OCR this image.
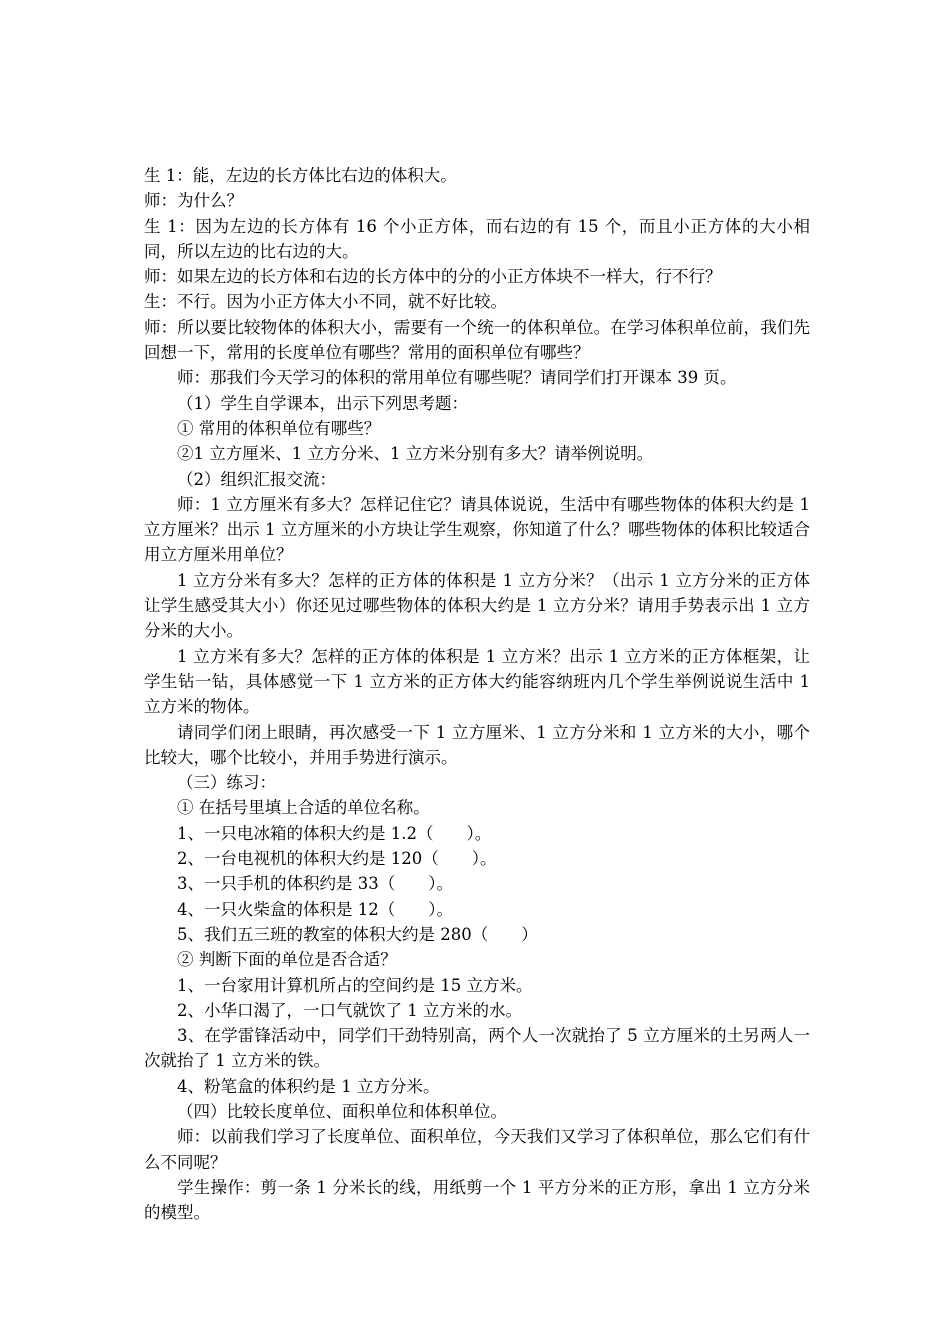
生 1：能，左边的长方体比右边的体积大。

师：为什么？

生 1：因为左边的长方体有 16 个小正方体，而右边的有 15 个，而且小正方体的大小相同，所以左边的比右边的大。

师：如果左边的长方体和右边的长方体中的分的小正方体块不一样大，行不行？

生：不行。因为小正方体大小不同，就不好比较。

师：所以要比较物体的体积大小，需要有一个统一的体积单位。在学习体积单位前，我们先回想一下，常用的长度单位有哪些？常用的面积单位有哪些？

师：那我们今天学习的体积的常用单位有哪些呢？请同学们打开课本 39 页。

（1）学生自学课本，出示下列思考题：

① 常用的体积单位有哪些？

②1 立方厘米、1 立方分米、1 立方米分别有多大？请举例说明。

（2）组织汇报交流：

师：1 立方厘米有多大？怎样记住它？请具体说说，生活中有哪些物体的体积大约是 1 立方厘米？出示 1 立方厘米的小方块让学生观察，你知道了什么？哪些物体的体积比较适合用立方厘米用单位？

1 立方分米有多大？怎样的正方体的体积是 1 立方分米？（出示 1 立方分米的正方体让学生感受其大小）你还见过哪些物体的体积大约是 1 立方分米？请用手势表示出 1 立方分米的大小。

1 立方米有多大？怎样的正方体的体积是 1 立方米？出示 1 立方米的正方体框架，让学生钻一钻，具体感觉一下 1 立方米的正方体大约能容纳班内几个学生举例说说生活中 1 立方米的物体。

请同学们闭上眼睛，再次感受一下 1 立方厘米、1 立方分米和 1 立方米的大小，哪个比较大，哪个比较小，并用手势进行演示。

（三）练习：

① 在括号里填上合适的单位名称。

1、一只电冰箱的体积大约是 1.2（　　）。

2、一台电视机的体积大约是 120（　　）。

3、一只手机的体积约是 33（　　）。

4、一只火柴盒的体积是 12（　　）。

5、我们五三班的教室的体积大约是 280（　　）

② 判断下面的单位是否合适？

1、一台家用计算机所占的空间约是 15 立方米。

2、小华口渴了，一口气就饮了 1 立方米的水。

3、在学雷锋活动中，同学们干劲特别高，两个人一次就抬了 5 立方厘米的土另两人一次就抬了 1 立方米的铁。

4、粉笔盒的体积约是 1 立方分米。

（四）比较长度单位、面积单位和体积单位。

师：以前我们学习了长度单位、面积单位，今天我们又学习了体积单位，那么它们有什么不同呢？

学生操作：剪一条 1 分米长的线，用纸剪一个 1 平方分米的正方形，拿出 1 立方分米的模型。
